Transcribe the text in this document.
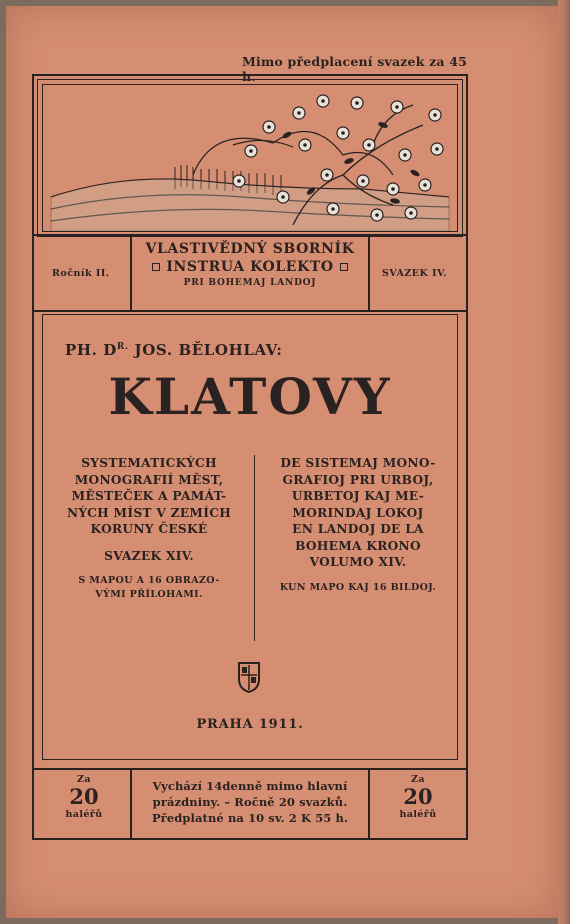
Mimo předplacení svazek za 45 h.
Ročník II.
VLASTIVĚDNÝ SBORNÍK
INSTRUA KOLEKTO
PRI BOHEMAJ LANDOJ
SVAZEK IV.
PH. $D^{R.}$ JOS. BĚLOHLAV:
KLATOVY
SYSTEMATICKÝCH
MONOGRAFIÍ MĚST,
MĚSTEČEK A PAMÁT-
NÝCH MÍST V ZEMÍCH
KORUNY ČESKÉ
SVAZEK XIV.
S MAPOU A 16 OBRAZO-
VÝMI PŘÍLOHAMI.
DE SISTEMAJ MONO-
GRAFIOJ PRI URBOJ,
URBETOJ KAJ ME-
MORINDAJ LOKOJ
EN LANDOJ DE LA
BOHEMA KRONO
VOLUMO XIV.
KUN MAPO KAJ 16 BILDOJ.
PRAHA 1911.
Za
20
haléřů
Vychází 14denně mimo hlavní
prázdniny. – Ročně 20 svazků.
Předplatné na 10 sv. 2 K 55 h.
Za
20
haléřů
